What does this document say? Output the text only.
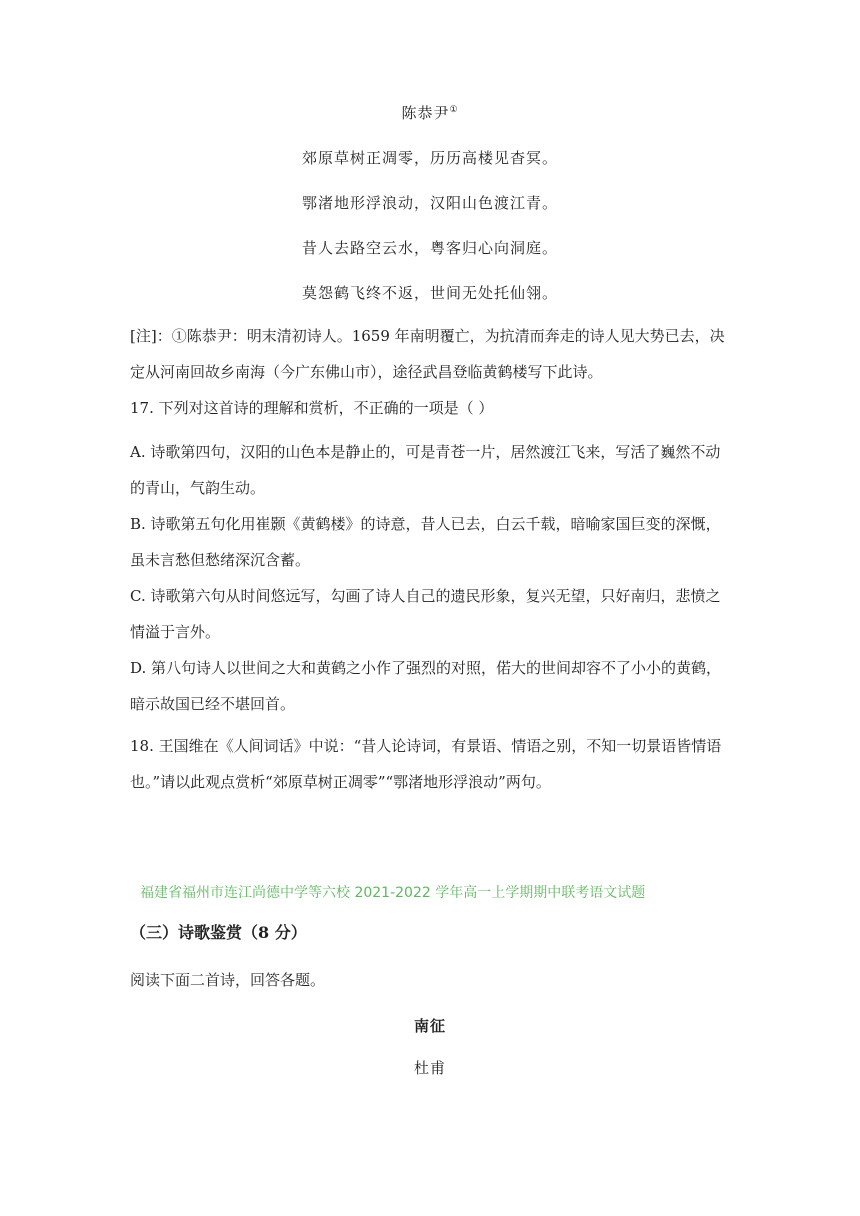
陈恭尹①
郊原草树正凋零，历历高楼见杳冥。
鄂渚地形浮浪动，汉阳山色渡江青。
昔人去路空云水，粤客归心向洞庭。
莫怨鹤飞终不返，世间无处托仙翎。
[注]：①陈恭尹：明末清初诗人。1659 年南明覆亡，为抗清而奔走的诗人见大势已去，决
定从河南回故乡南海（今广东佛山市），途径武昌登临黄鹤楼写下此诗。
17. 下列对这首诗的理解和赏析，不正确的一项是（ ）
A. 诗歌第四句，汉阳的山色本是静止的，可是青苍一片，居然渡江飞来，写活了巍然不动
的青山，气韵生动。
B. 诗歌第五句化用崔颢《黄鹤楼》的诗意，昔人已去，白云千载，暗喻家国巨变的深慨，
虽未言愁但愁绪深沉含蓄。
C. 诗歌第六句从时间悠远写，勾画了诗人自己的遗民形象，复兴无望，只好南归，悲愤之
情溢于言外。
D. 第八句诗人以世间之大和黄鹤之小作了强烈的对照，偌大的世间却容不了小小的黄鹤，
暗示故国已经不堪回首。
18. 王国维在《人间词话》中说：“昔人论诗词，有景语、情语之别，不知一切景语皆情语
也。”请以此观点赏析“郊原草树正凋零”“鄂渚地形浮浪动”两句。
福建省福州市连江尚德中学等六校 2021-2022 学年高一上学期期中联考语文试题
（三）诗歌鉴赏（8 分）
阅读下面二首诗，回答各题。
南征
杜甫
